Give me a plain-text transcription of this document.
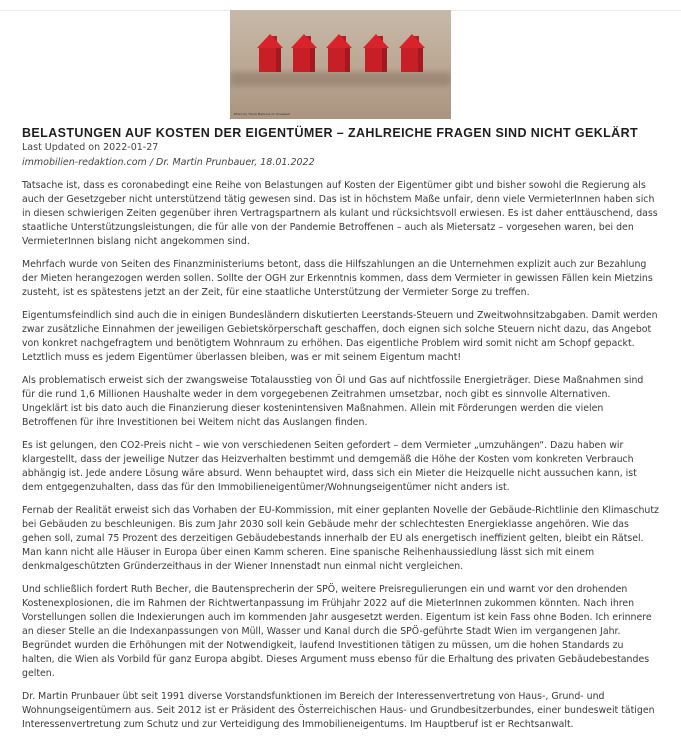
Photo by Tierra Mallorca on Unsplash
BELASTUNGEN AUF KOSTEN DER EIGENTÜMER – ZAHLREICHE FRAGEN SIND NICHT GEKLÄRT
Last Updated on 2022-01-27
immobilien-redaktion.com / Dr. Martin Prunbauer, 18.01.2022

Tatsache ist, dass es coronabedingt eine Reihe von Belastungen auf Kosten der Eigentümer gibt und bisher sowohl die Regierung als auch der Gesetzgeber nicht unterstützend tätig gewesen sind. Das ist in höchstem Maße unfair, denn viele VermieterInnen haben sich in diesen schwierigen Zeiten gegenüber ihren Vertragspartnern als kulant und rücksichtsvoll erwiesen. Es ist daher enttäuschend, dass staatliche Unterstützungsleistungen, die für alle von der Pandemie Betroffenen – auch als Mietersatz – vorgesehen waren, bei den VermieterInnen bislang nicht angekommen sind.

Mehrfach wurde von Seiten des Finanzministeriums betont, dass die Hilfszahlungen an die Unternehmen explizit auch zur Bezahlung der Mieten herangezogen werden sollen. Sollte der OGH zur Erkenntnis kommen, dass dem Vermieter in gewissen Fällen kein Mietzins zusteht, ist es spätestens jetzt an der Zeit, für eine staatliche Unterstützung der Vermieter Sorge zu treffen.

Eigentumsfeindlich sind auch die in einigen Bundesländern diskutierten Leerstands-Steuern und Zweitwohnsitzabgaben. Damit werden zwar zusätzliche Einnahmen der jeweiligen Gebietskörperschaft geschaffen, doch eignen sich solche Steuern nicht dazu, das Angebot von konkret nachgefragtem und benötigtem Wohnraum zu erhöhen. Das eigentliche Problem wird somit nicht am Schopf gepackt. Letztlich muss es jedem Eigentümer überlassen bleiben, was er mit seinem Eigentum macht!

Als problematisch erweist sich der zwangsweise Totalausstieg von Öl und Gas auf nichtfossile Energieträger. Diese Maßnahmen sind für die rund 1,6 Millionen Haushalte weder in dem vorgegebenen Zeitrahmen umsetzbar, noch gibt es sinnvolle Alternativen. Ungeklärt ist bis dato auch die Finanzierung dieser kostenintensiven Maßnahmen. Allein mit Förderungen werden die vielen Betroffenen für ihre Investitionen bei Weitem nicht das Auslangen finden.

Es ist gelungen, den CO2-Preis nicht – wie von verschiedenen Seiten gefordert – dem Vermieter „umzuhängen“. Dazu haben wir klargestellt, dass der jeweilige Nutzer das Heizverhalten bestimmt und demgemäß die Höhe der Kosten vom konkreten Verbrauch abhängig ist. Jede andere Lösung wäre absurd. Wenn behauptet wird, dass sich ein Mieter die Heizquelle nicht aussuchen kann, ist dem entgegenzuhalten, dass das für den Immobilieneigentümer/Wohnungseigentümer nicht anders ist.

Fernab der Realität erweist sich das Vorhaben der EU-Kommission, mit einer geplanten Novelle der Gebäude-Richtlinie den Klimaschutz bei Gebäuden zu beschleunigen. Bis zum Jahr 2030 soll kein Gebäude mehr der schlechtesten Energieklasse angehören. Wie das gehen soll, zumal 75 Prozent des derzeitigen Gebäudebestands innerhalb der EU als energetisch ineffizient gelten, bleibt ein Rätsel. Man kann nicht alle Häuser in Europa über einen Kamm scheren. Eine spanische Reihenhaussiedlung lässt sich mit einem denkmalgeschützten Gründerzeithaus in der Wiener Innenstadt nun einmal nicht vergleichen.

Und schließlich fordert Ruth Becher, die Bautensprecherin der SPÖ, weitere Preisregulierungen ein und warnt vor den drohenden Kostenexplosionen, die im Rahmen der Richtwertanpassung im Frühjahr 2022 auf die MieterInnen zukommen könnten. Nach ihren Vorstellungen sollen die Indexierungen auch im kommenden Jahr ausgesetzt werden. Eigentum ist kein Fass ohne Boden. Ich erinnere an dieser Stelle an die Indexanpassungen von Müll, Wasser und Kanal durch die SPÖ-geführte Stadt Wien im vergangenen Jahr. Begründet wurden die Erhöhungen mit der Notwendigkeit, laufend Investitionen tätigen zu müssen, um die hohen Standards zu halten, die Wien als Vorbild für ganz Europa abgibt. Dieses Argument muss ebenso für die Erhaltung des privaten Gebäudebestandes gelten.

Dr. Martin Prunbauer übt seit 1991 diverse Vorstandsfunktionen im Bereich der Interessenvertretung von Haus-, Grund- und Wohnungseigentümern aus. Seit 2012 ist er Präsident des Österreichischen Haus- und Grundbesitzerbundes, einer bundesweit tätigen Interessenvertretung zum Schutz und zur Verteidigung des Immobilieneigentums. Im Hauptberuf ist er Rechtsanwalt.
